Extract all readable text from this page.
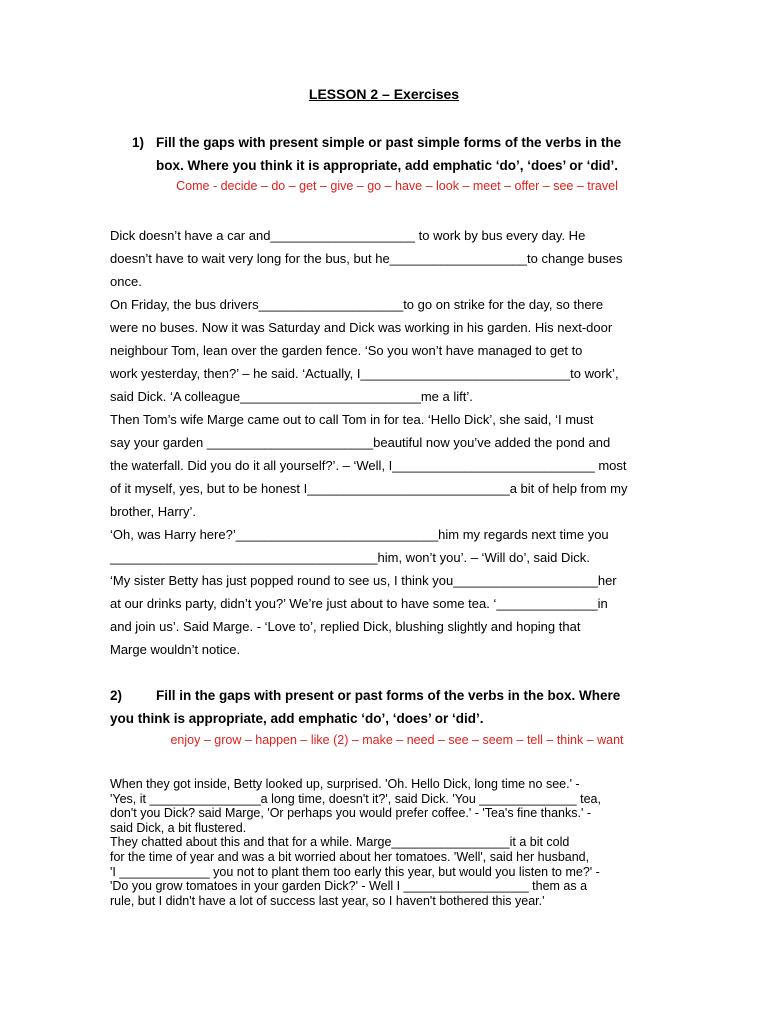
LESSON 2 – Exercises
1) Fill the gaps with present simple or past simple forms of the verbs in the
box. Where you think it is appropriate, add emphatic ‘do’, ‘does’ or ‘did’.
Come - decide – do – get – give – go – have – look – meet – offer – see – travel
Dick doesn’t have a car and____________________ to work by bus every day. He
doesn’t have to wait very long for the bus, but he___________________to change buses
once.
On Friday, the bus drivers____________________to go on strike for the day, so there
were no buses. Now it was Saturday and Dick was working in his garden. His next-door
neighbour Tom, lean over the garden fence. ‘So you won’t have managed to get to
work yesterday, then?’ – he said. ‘Actually, I_____________________________to work’,
said Dick. ‘A colleague_________________________me a lift’.
Then Tom’s wife Marge came out to call Tom in for tea. ‘Hello Dick’, she said, ‘I must
say your garden _______________________beautiful now you’ve added the pond and
the waterfall. Did you do it all yourself?’. – ‘Well, I____________________________ most
of it myself, yes, but to be honest I____________________________a bit of help from my
brother, Harry’.
‘Oh, was Harry here?’____________________________him my regards next time you
_____________________________________him, won’t you’. – ‘Will do’, said Dick.
‘My sister Betty has just popped round to see us, I think you____________________her
at our drinks party, didn’t you?’ We’re just about to have some tea. ‘______________in
and join us’. Said Marge. - ‘Love to’, replied Dick, blushing slightly and hoping that
Marge wouldn’t notice.
2)	Fill in the gaps with present or past forms of the verbs in the box. Where
you think is appropriate, add emphatic ‘do’, ‘does’ or ‘did’.
enjoy – grow – happen – like (2) – make – need – see – seem – tell – think – want
When they got inside, Betty looked up, surprised. 'Oh. Hello Dick, long time no see.' -
'Yes, it ________________a long time, doesn't it?', said Dick. 'You ______________ tea,
don't you Dick? said Marge, 'Or perhaps you would prefer coffee.' - 'Tea's fine thanks.' -
said Dick, a bit flustered.
They chatted about this and that for a while. Marge_________________it a bit cold
for the time of year and was a bit worried about her tomatoes. 'Well', said her husband,
'I _____________ you not to plant them too early this year, but would you listen to me?' -
'Do you grow tomatoes in your garden Dick?' - Well I __________________ them as a
rule, but I didn't have a lot of success last year, so I haven't bothered this year.'
